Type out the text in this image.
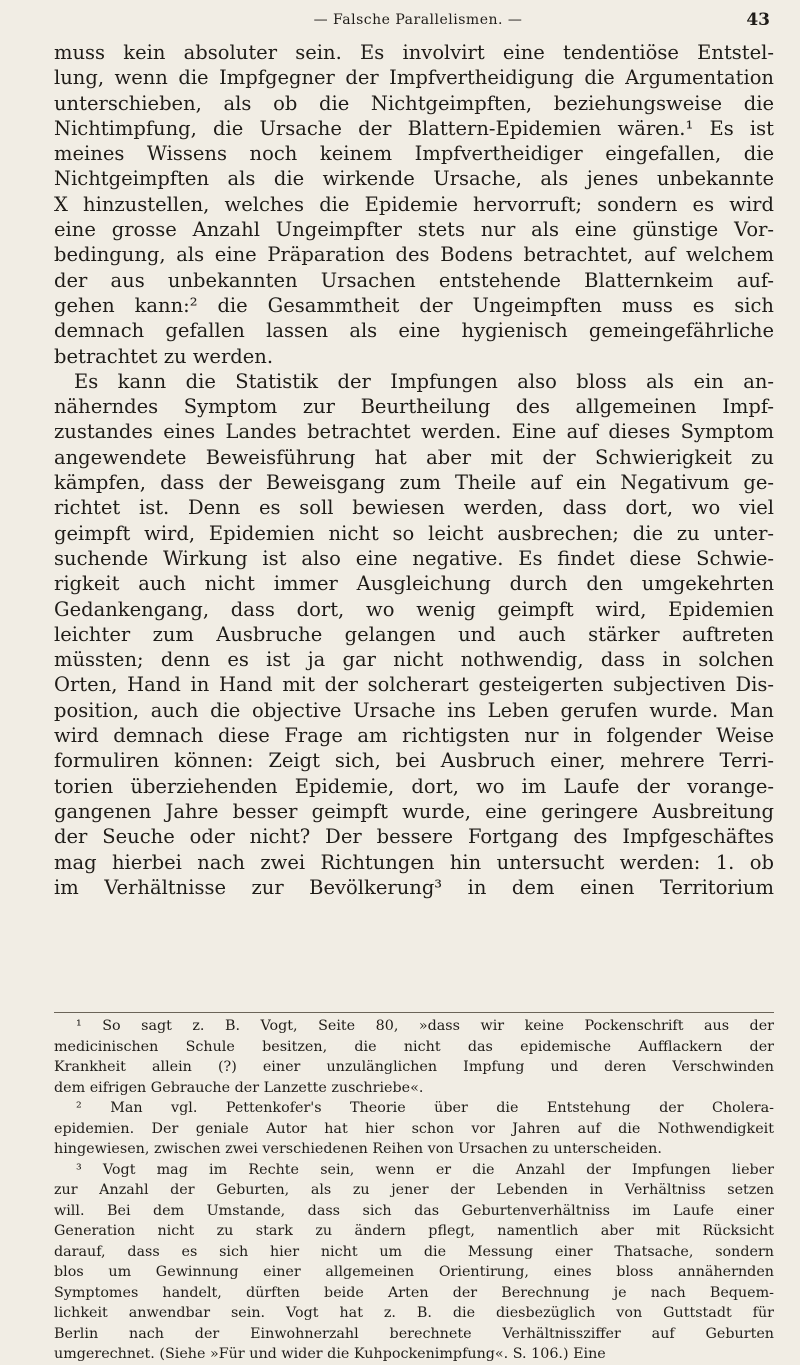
— Falsche Parallelismen. —	43
muss kein absoluter sein. Es involvirt eine tendentiöse Entstel-
lung, wenn die Impfgegner der Impfvertheidigung die Argumentation
unterschieben, als ob die Nichtgeimpften, beziehungsweise die
Nichtimpfung, die Ursache der Blattern-Epidemien wären.¹ Es ist
meines Wissens noch keinem Impfvertheidiger eingefallen, die
Nichtgeimpften als die wirkende Ursache, als jenes unbekannte
X hinzustellen, welches die Epidemie hervorruft; sondern es wird
eine grosse Anzahl Ungeimpfter stets nur als eine günstige Vor-
bedingung, als eine Präparation des Bodens betrachtet, auf welchem
der aus unbekannten Ursachen entstehende Blatternkeim auf-
gehen kann:² die Gesammtheit der Ungeimpften muss es sich
demnach gefallen lassen als eine hygienisch gemeingefährliche
betrachtet zu werden.
Es kann die Statistik der Impfungen also bloss als ein an-
näherndes Symptom zur Beurtheilung des allgemeinen Impf-
zustandes eines Landes betrachtet werden. Eine auf dieses Symptom
angewendete Beweisführung hat aber mit der Schwierigkeit zu
kämpfen, dass der Beweisgang zum Theile auf ein Negativum ge-
richtet ist. Denn es soll bewiesen werden, dass dort, wo viel
geimpft wird, Epidemien nicht so leicht ausbrechen; die zu unter-
suchende Wirkung ist also eine negative. Es findet diese Schwie-
rigkeit auch nicht immer Ausgleichung durch den umgekehrten
Gedankengang, dass dort, wo wenig geimpft wird, Epidemien
leichter zum Ausbruche gelangen und auch stärker auftreten
müssten; denn es ist ja gar nicht nothwendig, dass in solchen
Orten, Hand in Hand mit der solcherart gesteigerten subjectiven Dis-
position, auch die objective Ursache ins Leben gerufen wurde. Man
wird demnach diese Frage am richtigsten nur in folgender Weise
formuliren können: Zeigt sich, bei Ausbruch einer, mehrere Terri-
torien überziehenden Epidemie, dort, wo im Laufe der vorange-
gangenen Jahre besser geimpft wurde, eine geringere Ausbreitung
der Seuche oder nicht? Der bessere Fortgang des Impfgeschäftes
mag hierbei nach zwei Richtungen hin untersucht werden: 1. ob
im Verhältnisse zur Bevölkerung³ in dem einen Territorium
¹ So sagt z. B. Vogt, Seite 80, »dass wir keine Pockenschrift aus der
medicinischen Schule besitzen, die nicht das epidemische Aufflackern der
Krankheit allein (?) einer unzulänglichen Impfung und deren Verschwinden
dem eifrigen Gebrauche der Lanzette zuschriebe«.
² Man vgl. Pettenkofer's Theorie über die Entstehung der Cholera-
epidemien. Der geniale Autor hat hier schon vor Jahren auf die Nothwendigkeit
hingewiesen, zwischen zwei verschiedenen Reihen von Ursachen zu unterscheiden.
³ Vogt mag im Rechte sein, wenn er die Anzahl der Impfungen lieber
zur Anzahl der Geburten, als zu jener der Lebenden in Verhältniss setzen
will. Bei dem Umstande, dass sich das Geburtenverhältniss im Laufe einer
Generation nicht zu stark zu ändern pflegt, namentlich aber mit Rücksicht
darauf, dass es sich hier nicht um die Messung einer Thatsache, sondern
blos um Gewinnung einer allgemeinen Orientirung, eines bloss annähernden
Symptomes handelt, dürften beide Arten der Berechnung je nach Bequem-
lichkeit anwendbar sein. Vogt hat z. B. die diesbezüglich von Guttstadt für
Berlin nach der Einwohnerzahl berechnete Verhältnissziffer auf Geburten
umgerechnet. (Siehe »Für und wider die Kuhpockenimpfung«. S. 106.) Eine
